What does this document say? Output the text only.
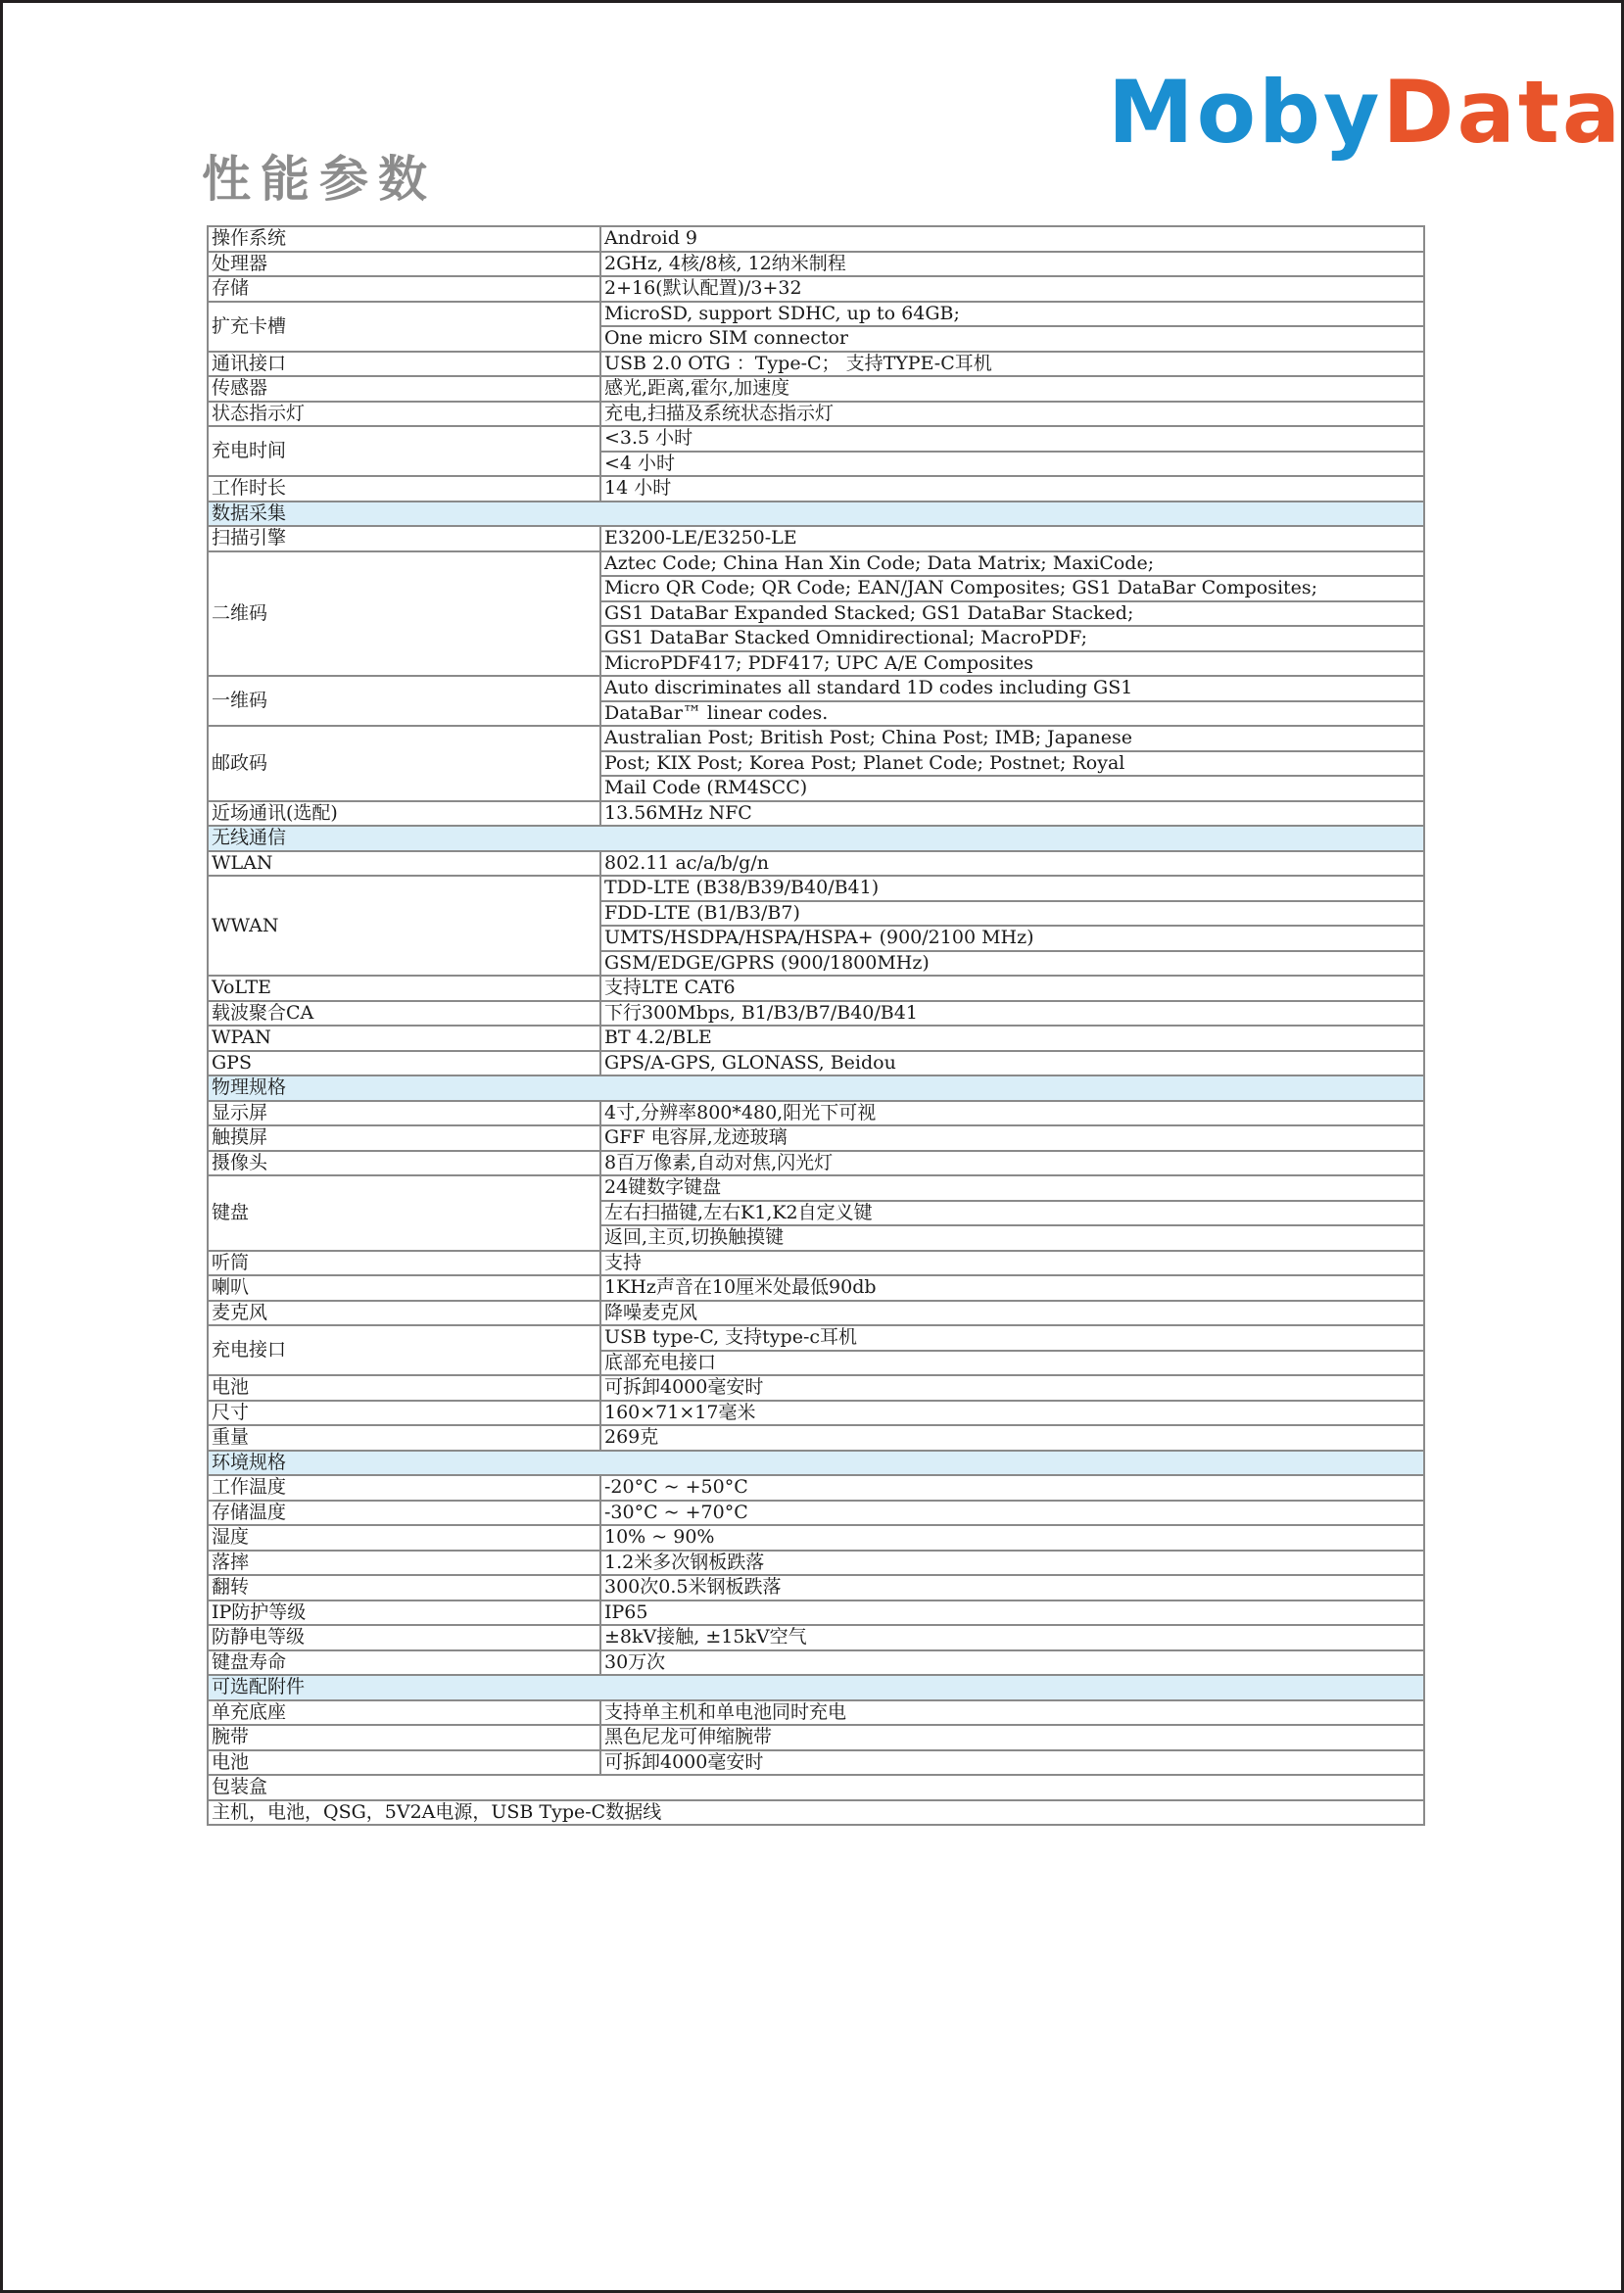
MobyData
性能参数
操作系统	Android 9
处理器	2GHz, 4核/8核, 12纳米制程
存储	2+16(默认配置)/3+32
扩充卡槽	MicroSD, support SDHC, up to 64GB;
	One micro SIM connector
通讯接口	USB 2.0 OTG ：Type-C； 支持TYPE-C耳机
传感器	感光,距离,霍尔,加速度
状态指示灯	充电,扫描及系统状态指示灯
充电时间	<3.5 小时
	<4 小时
工作时长	14 小时
数据采集	
扫描引擎	E3200-LE/E3250-LE
二维码	Aztec Code; China Han Xin Code; Data Matrix; MaxiCode;
	Micro QR Code; QR Code; EAN/JAN Composites; GS1 DataBar Composites;
	GS1 DataBar Expanded Stacked; GS1 DataBar Stacked;
	GS1 DataBar Stacked Omnidirectional; MacroPDF;
	MicroPDF417; PDF417; UPC A/E Composites
一维码	Auto discriminates all standard 1D codes including GS1
	DataBar™ linear codes.
邮政码	Australian Post; British Post; China Post; IMB; Japanese
	Post; KIX Post; Korea Post; Planet Code; Postnet; Royal
	Mail Code (RM4SCC)
近场通讯(选配)	13.56MHz NFC
无线通信	
WLAN	802.11 ac/a/b/g/n
WWAN	TDD-LTE (B38/B39/B40/B41)
	FDD-LTE (B1/B3/B7)
	UMTS/HSDPA/HSPA/HSPA+ (900/2100 MHz)
	GSM/EDGE/GPRS (900/1800MHz)
VoLTE	支持LTE CAT6
载波聚合CA	下行300Mbps, B1/B3/B7/B40/B41
WPAN	BT 4.2/BLE
GPS	GPS/A-GPS, GLONASS, Beidou
物理规格	
显示屏	4寸,分辨率800*480,阳光下可视
触摸屏	GFF 电容屏,龙迹玻璃
摄像头	8百万像素,自动对焦,闪光灯
键盘	24键数字键盘
	左右扫描键,左右K1,K2自定义键
	返回,主页,切换触摸键
听筒	支持
喇叭	1KHz声音在10厘米处最低90db
麦克风	降噪麦克风
充电接口	USB type-C, 支持type-c耳机
	底部充电接口
电池	可拆卸4000毫安时
尺寸	160×71×17毫米
重量	269克
环境规格	
工作温度	-20°C ~ +50°C
存储温度	-30°C ~ +70°C
湿度	10% ~ 90%
落摔	1.2米多次钢板跌落
翻转	300次0.5米钢板跌落
IP防护等级	IP65
防静电等级	±8kV接触, ±15kV空气
键盘寿命	30万次
可选配附件	
单充底座	支持单主机和单电池同时充电
腕带	黑色尼龙可伸缩腕带
电池	可拆卸4000毫安时
包装盒	
主机，电池，QSG，5V2A电源，USB Type-C数据线	
